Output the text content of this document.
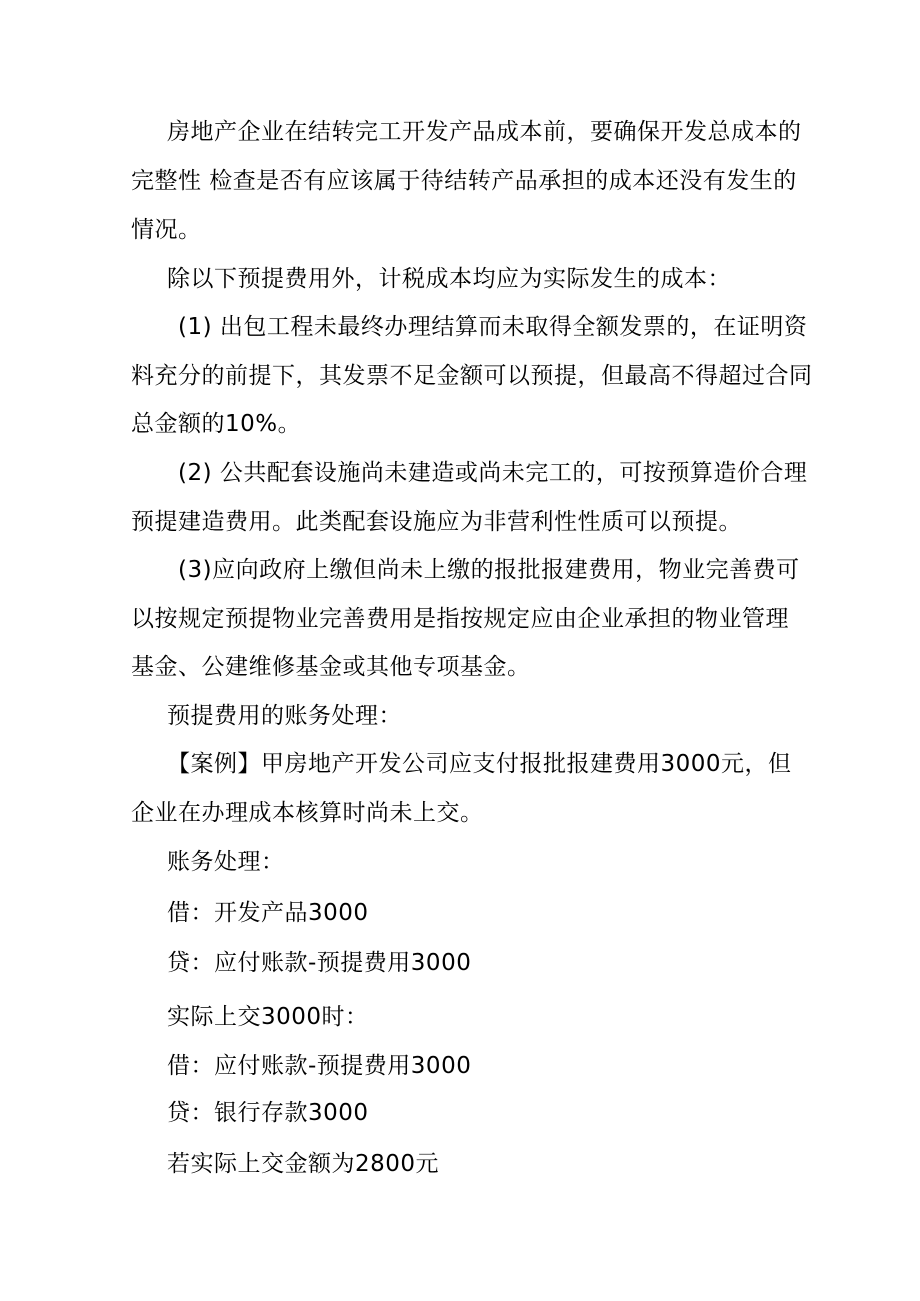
房地产企业在结转完工开发产品成本前，要确保开发总成本的
完整性 检查是否有应该属于待结转产品承担的成本还没有发生的
情况。
除以下预提费用外，计税成本均应为实际发生的成本：
(1) 出包工程未最终办理结算而未取得全额发票的，在证明资
料充分的前提下，其发票不足金额可以预提，但最高不得超过合同
总金额的10%。
(2) 公共配套设施尚未建造或尚未完工的，可按预算造价合理
预提建造费用。此类配套设施应为非营利性性质可以预提。
(3)应向政府上缴但尚未上缴的报批报建费用，物业完善费可
以按规定预提物业完善费用是指按规定应由企业承担的物业管理
基金、公建维修基金或其他专项基金。
预提费用的账务处理：
【案例】甲房地产开发公司应支付报批报建费用3000元，但
企业在办理成本核算时尚未上交。
账务处理：
借：开发产品3000
贷：应付账款-预提费用3000
实际上交3000时：
借：应付账款-预提费用3000
贷：银行存款3000
若实际上交金额为2800元
